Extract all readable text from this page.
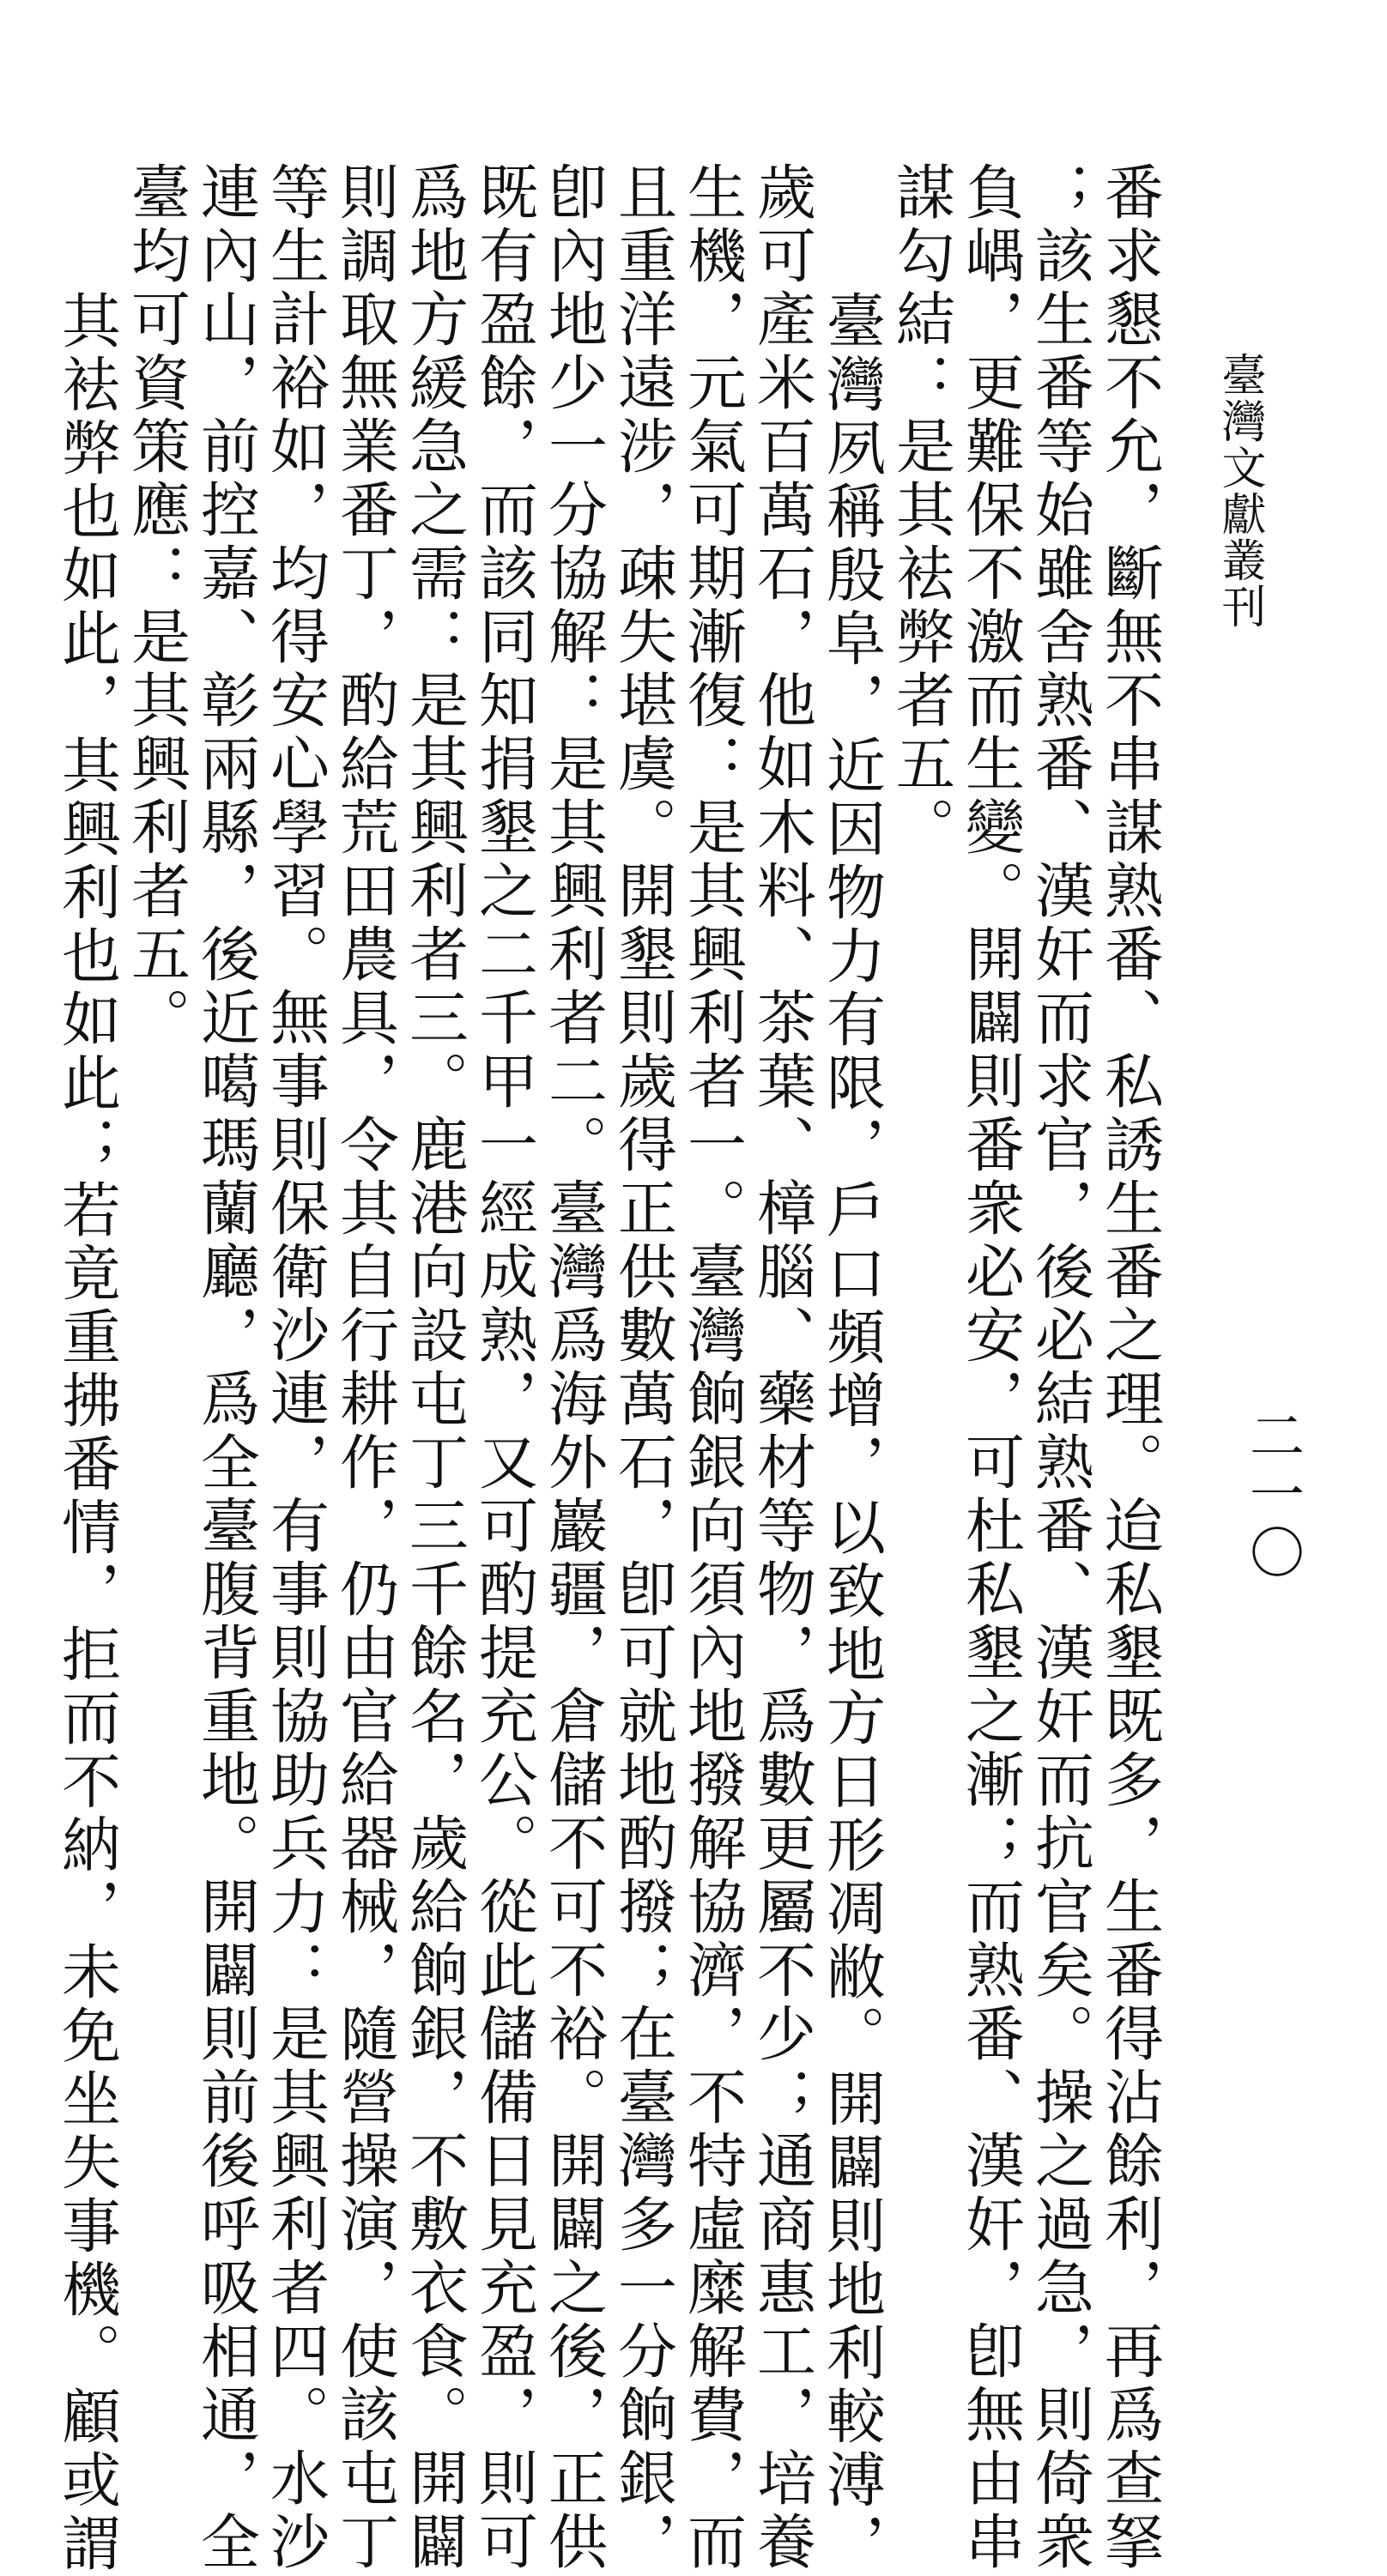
臺灣文獻叢刊
二一〇
番求懇不允，斷無不串謀熟番、私誘生番之理。迨私墾既多，生番得沾餘利，再爲查拏
；該生番等始雖舍熟番、漢奸而求官，後必結熟番、漢奸而抗官矣。操之過急，則倚衆
負嵎，更難保不激而生變。開闢則番衆必安，可杜私墾之漸；而熟番、漢奸，卽無由串
謀勾結：是其袪弊者五。
臺灣夙稱殷阜，近因物力有限，戶口頻增，以致地方日形凋敝。開闢則地利較溥，
歲可產米百萬石，他如木料、茶葉、樟腦、藥材等物，爲數更屬不少；通商惠工，培養
生機，元氣可期漸復：是其興利者一。臺灣餉銀向須內地撥解協濟，不特虛糜解費，而
且重洋遠涉，疎失堪虞。開墾則歲得正供數萬石，卽可就地酌撥；在臺灣多一分餉銀，
卽內地少一分協解：是其興利者二。臺灣爲海外巖疆，倉儲不可不裕。開闢之後，正供
既有盈餘，而該同知捐墾之二千甲一經成熟，又可酌提充公。從此儲備日見充盈，則可
爲地方緩急之需：是其興利者三。鹿港向設屯丁三千餘名，歲給餉銀，不敷衣食。開闢
則調取無業番丁，酌給荒田農具，令其自行耕作，仍由官給器械，隨營操演，使該屯丁
等生計裕如，均得安心學習。無事則保衛沙連，有事則協助兵力：是其興利者四。水沙
連內山，前控嘉、彰兩縣，後近噶瑪蘭廳，爲全臺腹背重地。開闢則前後呼吸相通，全
臺均可資策應：是其興利者五。
其袪弊也如此，其興利也如此；若竟重拂番情，拒而不納，未免坐失事機。顧或謂
